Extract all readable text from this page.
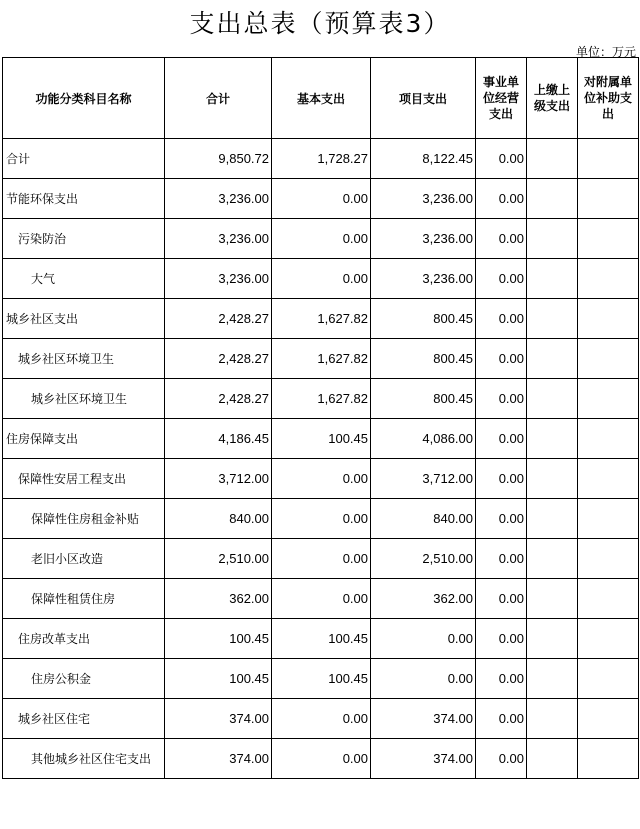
支出总表（预算表3）
单位：万元
功能分类科目名称	合计	基本支出	项目支出	事业单位经营支出	上缴上级支出	对附属单位补助支出
合计	9,850.72	1,728.27	8,122.45	0.00		
节能环保支出	3,236.00	0.00	3,236.00	0.00		
污染防治	3,236.00	0.00	3,236.00	0.00		
大气	3,236.00	0.00	3,236.00	0.00		
城乡社区支出	2,428.27	1,627.82	800.45	0.00		
城乡社区环境卫生	2,428.27	1,627.82	800.45	0.00		
城乡社区环境卫生	2,428.27	1,627.82	800.45	0.00		
住房保障支出	4,186.45	100.45	4,086.00	0.00		
保障性安居工程支出	3,712.00	0.00	3,712.00	0.00		
保障性住房租金补贴	840.00	0.00	840.00	0.00		
老旧小区改造	2,510.00	0.00	2,510.00	0.00		
保障性租赁住房	362.00	0.00	362.00	0.00		
住房改革支出	100.45	100.45	0.00	0.00		
住房公积金	100.45	100.45	0.00	0.00		
城乡社区住宅	374.00	0.00	374.00	0.00		
其他城乡社区住宅支出	374.00	0.00	374.00	0.00		
